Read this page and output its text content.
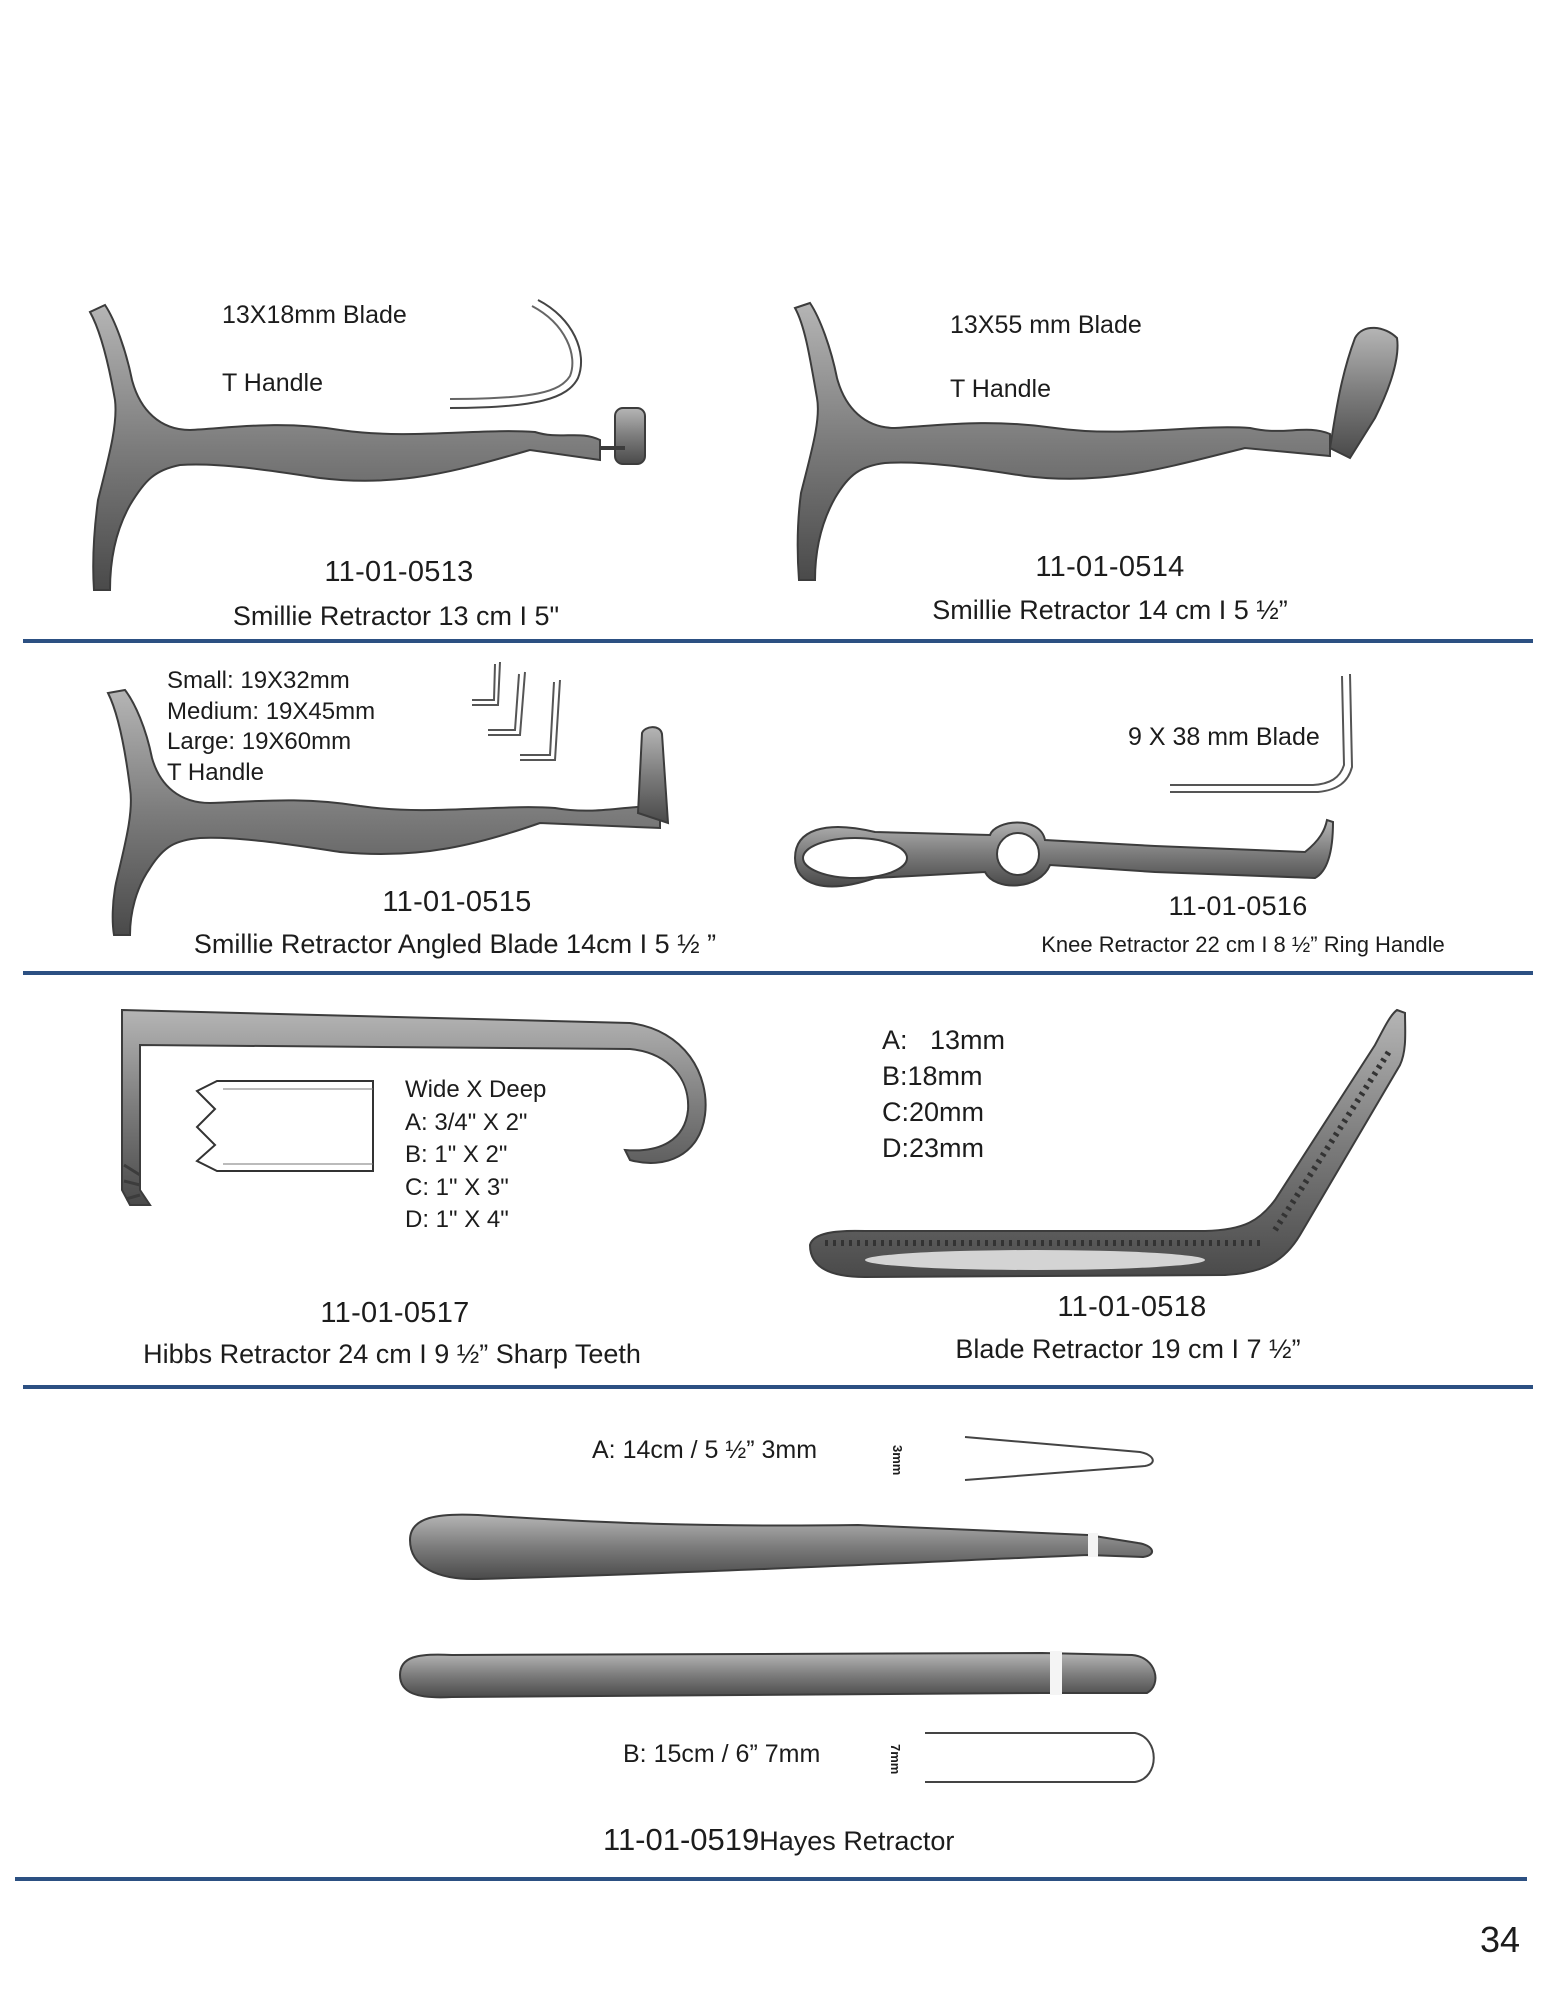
13X18mm Blade
T Handle
11-01-0513
Smillie Retractor 13 cm I 5"
13X55 mm Blade
T Handle
11-01-0514
Smillie Retractor 14 cm I 5 ½”
Small: 19X32mm
Medium: 19X45mm
Large: 19X60mm
T Handle
11-01-0515
Smillie Retractor Angled Blade 14cm I 5 ½ ”
9 X 38 mm Blade
11-01-0516
Knee Retractor 22 cm I 8 ½” Ring Handle
Wide X Deep
A: 3/4" X 2"
B: 1" X 2"
C: 1" X 3"
D: 1" X 4"
11-01-0517
Hibbs Retractor 24 cm I 9 ½” Sharp Teeth
A:   13mm
B:18mm
C:20mm
D:23mm
11-01-0518
Blade Retractor 19 cm I 7 ½”
A: 14cm / 5 ½” 3mm	3mm
B: 15cm / 6” 7mm	7mm
11-01-0519Hayes Retractor
34
